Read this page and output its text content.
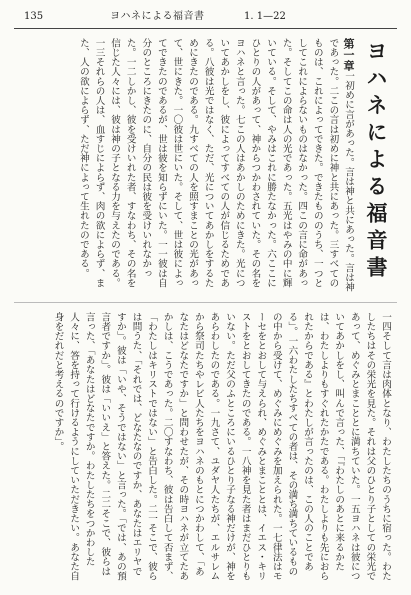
135	ヨハネによる福音書	1. 1—22
ヨハネによる福音書
第一章一初めに言があった。言は神と共にあった。言は神であった。二この言は初めに神と共にあった。三すべてのものは、これによってできた。できたもののうち、一つとしてこれによらないものはなかった。四この言に命があった。そしてこの命は人の光であった。五光はやみの中に輝いている。そして、やみはこれに勝たなかった。六ここにひとりの人があって、神からつかわされていた。その名をヨハネと言った。七この人はあかしのためにきた。光についてあかしをし、彼によってすべての人が信じるためである。八彼は光ではなく、ただ、光についてあかしをするためにきたのである。九すべての人を照すまことの光があって、世にきた。一〇彼は世にいた。そして、世は彼によってできたのであるが、世は彼を知らずにいた。一一彼は自分のところにきたのに、自分の民は彼を受けいれなかった。一二しかし、彼を受けいれた者、すなわち、その名を信じた人々には、彼は神の子となる力を与えたのである。一三それらの人は、血すじによらず、肉の欲によらず、また、人の欲によらず、ただ神によって生れたのである。
一四そして言は肉体となり、わたしたちのうちに宿った。わたしたちはその栄光を見た。それは父のひとり子としての栄光であって、めぐみとまこととに満ちていた。一五ヨハネは彼についてあかしをし、叫んで言った、「『わたしのあとに来るかたは、わたしよりもすぐれたかたである。わたしよりも先におられたからである』とわたしが言ったのは、この人のことである」。一六わたしたちすべての者は、その満ち満ちているものの中から受けて、めぐみにめぐみを加えられた。一七律法はモーセをとおして与えられ、めぐみとまこととは、イエス・キリストをとおしてきたのである。一八神を見た者はまだひとりもいない。ただ父のふところにいるひとり子なる神だけが、神をあらわしたのである。一九さて、ユダヤ人たちが、エルサレムから祭司たちやレビ人たちをヨハネのもとにつかわして、「あなたはどなたですか」と問わせたが、その時ヨハネが立てたあかしは、こうであった。二〇すなわち、彼は告白して否まず、「わたしはキリストではない」と告白した。二一そこで、彼らは問うた、「それでは、どなたなのですか、あなたはエリヤですか」。彼は「いや、そうではない」と言った。「では、あの預言者ですか」。彼は「いいえ」と答えた。二二そこで、彼らは言った、「あなたはどなたですか。わたしたちをつかわした人々に、答を持って行けるようにしていただきたい。あなた自身をだれだと考えるのですか」。
